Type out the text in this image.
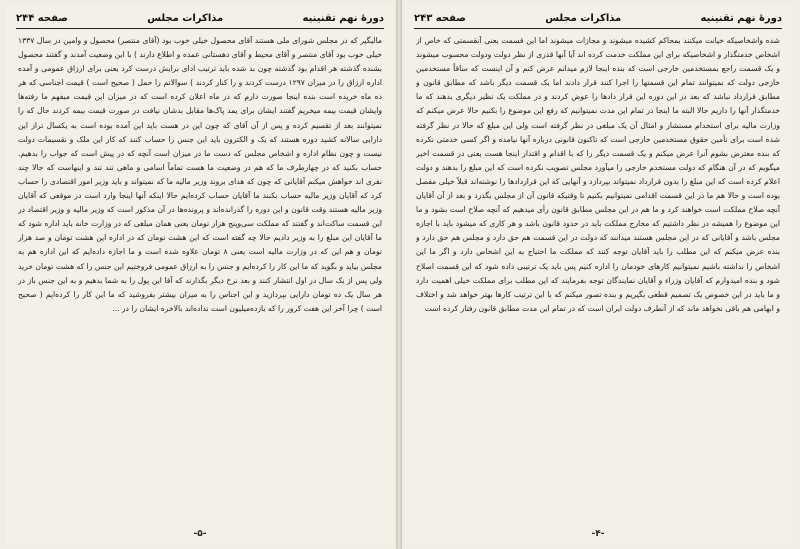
دورهٔ نهم تقنینیه
مذاکرات مجلس
صفحه ۲۴۴

مالیگیر که در مجلس شورای ملی هستند آقای محصول خیلی خوب بود (آقای منتصر) محصول و وامین در سال ۱۳۳۷ خیلی خوب بود آقای منتصر و آقای محیط و آقای دهستانی عمده و اطلاع دارند ) با این وضعیت آمدند و گفتند محصول بشنده گذشته هر اقدام بود گذشته چون بد شده باید ترتیب ادای برایش درست کرد یعنی برای ارزاق عمومی و آمده اداره ارزاق را در میزان ۱۲۹۷ درست کردند و را کنار کردند ) سوالاتم را حمل ( صحیح است ) قیمت اجناسی که هر ده ماه خریده است بنده اینجا صورت دارم که در ماه اعلان کرده است که در میزان این قیمت میفهم ما رفته‌ها وایشان قیمت بیمه میخریم گفتند ایشان برای یمد پاک‌ها مقابل بدشان نیافت در صورت قیمت بیمه کردند حال که را نمیتوانند بعد از تقسیم کرده و پس از آن آقای که چون این در هست باید این آمده بوده است به یکسال تراز این دارایی سالانه کشید دوره هستند که یک و الکترون باید این جنس را حساب کنند که کار این ملک و نقسیمات دولت نیست و چون نظام اداره و اشخاص مجلس که دست ما در میزان است آنچه که در پیش است که جواب را بدهیم. حساب بکنید که در چهارطرف ما که هم در وضعیت ما هست تماماً اسامی و ماهی تند تند و اینهاست که حالا چند نفری اند خواهش میکنم آقایانی که چون که هدای بروند وزیر مالیه ما که نمیتواند و باید وزیر امور اقتصادی را حساب کرد که آقایان وزیر مالیه حساب بکنند ما آقایان حساب کرده‌ایم حالا اینکه آنها اینجا وارد است در موقعی که آقایان وزیر مالیه هستند وقت قانون و این دوره را گذرانده‌اند و پرونده‌ها در آن مذکور است که وزیر مالیه و وزیر اقتصاد در این قسمت ساکت‌اند و گفتند که مملکت سی‌وپنج هزار تومان یعنی همان مبلغی که در وزارت خانه باید اداره شود که ما آقایان این مبلغ را به وزیر دادیم حالا چه گفته است که این هشت تومان که در اداره این هشت تومان و صد هزار تومان و هم این که در وزارت مالیه است یعنی ۸ تومان علاوه شده است و ما اجازه داده‌ایم که این اداره هم به مجلس بیاید و بگوید که ما این کار را کرده‌ایم و جنس را به ارزاق عمومی فروختیم این جنس را که هشت تومان خرید ولی پس از یک سال در اول انتشار کنند و بعد نرخ دیگر بگذارند که آقا این پول را به شما بدهیم و به این جنس باز در هر سال یک ده تومان دارایی بپردازید و این اجناس را به میزان بیشتر بفروشید که ما این کار را کرده‌ایم ( صحیح است ) چرا آخر این هفت کرور را که یازده‌میلیون است نداده‌اند بالاخره ایشان را در ...

-۵-
دورهٔ نهم تقنینیه
مذاکرات مجلس
صفحه ۲۴۳

شده واشخاصیکه خیانت میکنند بمحاکم کشیده میشوند و مجازات میشوند اما این قسمت یعنی آنقسمتی که خاص از اشخاص خدمتگذار و اشخاصیکه برای این مملکت خدمت کرده اند آیا آنها قدری از نظر دولت ودولت محسوب میشوند و یک قسمت راجع بمستخدمین خارجی است که بنده اینجا لازم میدانم عرض کنم و آن اینست که ساقاً مستخدمین خارجی دولت که نمیتوانند تمام این قسمتها را اجرا کنند قرار دادند اما یک قسمت دیگر باشد که مطابق قانون و مطابق قرارداد نباشد که بعد در این دوره این قرار دادها را عوض کردند و در مملکت یک نظیر دیگری بدهند که ما خدمتگذار آنها را داریم حالا البته ما اینجا در تمام این مدت نمیتوانیم که رفع این موضوع را بکنیم حالا عرض میکنم که وزارت مالیه برای استخدام مستشار و امثال آن یک مبلغی در نظر گرفته است ولی این مبلغ که حالا در نظر گرفته شده است برای تأمین حقوق مستخدمین خارجی است که تاکنون قانونی درباره آنها نیامده و اگر کسی خدمتی نکرده که بنده معترض بشوم آنرا عرض میکنم و یک قسمت دیگر را که با اقدام و اقتدار اینجا هست یعنی در قسمت اخیر میگویم که در آن هنگام که دولت مستخدم خارجی را میآورد مجلس تصویب نکرده است که این مبلغ را بدهند و دولت اعلام کرده است که این مبلغ را بدون قرارداد نمیتواند بپردازد و آنهایی که این قراردادها را نوشته‌اند قبلاً خیلی مفصل بوده است و حالا هم ما در این قسمت اقدامی نمیتوانیم بکنیم تا وقتیکه قانون آن از مجلس بگذرد و بعد از آن آقایان آنچه صلاح مملکت است خواهند کرد و ما هم در این مجلس مطابق قانون رأی میدهیم که آنچه صلاح است بشود و ما این موضوع را همیشه در نظر داشتیم که مخارج مملکت باید در حدود قانون باشد و هر کاری که میشود باید با اجازه مجلس باشد و آقایانی که در این مجلس هستند میدانند که دولت در این قسمت هم حق دارد و مجلس هم حق دارد و بنده عرض میکنم که این مطلب را باید آقایان توجه کنند که مملکت ما احتیاج به این اشخاص دارد و اگر ما این اشخاص را نداشته باشیم نمیتوانیم کارهای خودمان را اداره کنیم پس باید یک ترتیبی داده شود که این قسمت اصلاح شود و بنده امیدوارم که آقایان وزراء و آقایان نمایندگان توجه بفرمایند که این مطلب برای مملکت خیلی اهمیت دارد و ما باید در این خصوص یک تصمیم قطعی بگیریم و بنده تصور میکنم که با این ترتیب کارها بهتر خواهد شد و اختلاف و ابهامی هم باقی نخواهد ماند که از آنطرف دولت ایران است که در تمام این مدت مطابق قانون رفتار کرده است

-۴-
